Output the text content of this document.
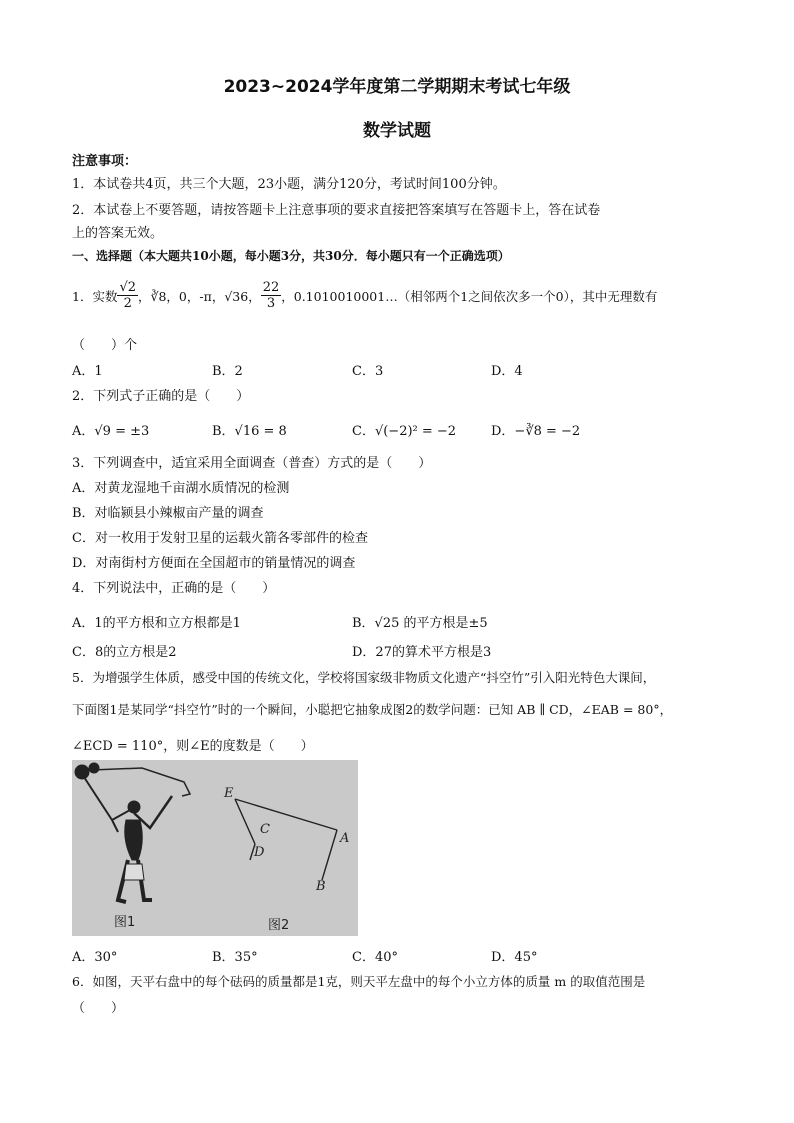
2023~2024学年度第二学期期末考试七年级
数学试题
注意事项：
1．本试卷共4页，共三个大题，23小题，满分120分，考试时间100分钟。
2．本试卷上不要答题，请按答题卡上注意事项的要求直接把答案填写在答题卡上，答在试卷
上的答案无效。
一、选择题（本大题共10小题，每小题3分，共30分．每小题只有一个正确选项）
1．实数 $\frac{√2}{2}$ ，∛8，0，-π，√36， $\frac{22}{3}$ ，0.1010010001…（相邻两个1之间依次多一个0），其中无理数有
（　　）个
A．1	B．2	C．3	D．4
2．下列式子正确的是（　　）
A．√9 = ±3	B．√16 = 8	C．√(−2)² = −2	D．−∛8 = −2
3．下列调查中，适宜采用全面调查（普查）方式的是（　　）
A．对黄龙湿地千亩湖水质情况的检测
B．对临颍县小辣椒亩产量的调查
C．对一枚用于发射卫星的运载火箭各零部件的检查
D．对南街村方便面在全国超市的销量情况的调查
4．下列说法中，正确的是（　　）
A．1的平方根和立方根都是1	B．√25 的平方根是±5
C．8的立方根是2	D．27的算术平方根是3
5．为增强学生体质，感受中国的传统文化，学校将国家级非物质文化遗产“抖空竹”引入阳光特色大课间，
下面图1是某同学“抖空竹”时的一个瞬间，小聪把它抽象成图2的数学问题：已知 AB ∥ CD，∠EAB = 80°，
∠ECD = 110°，则∠E的度数是（　　）
图1
E
C
D
A
B
图2
A．30°	B．35°	C．40°	D．45°
6．如图，天平右盘中的每个砝码的质量都是1克，则天平左盘中的每个小立方体的质量 m 的取值范围是
（　　）
